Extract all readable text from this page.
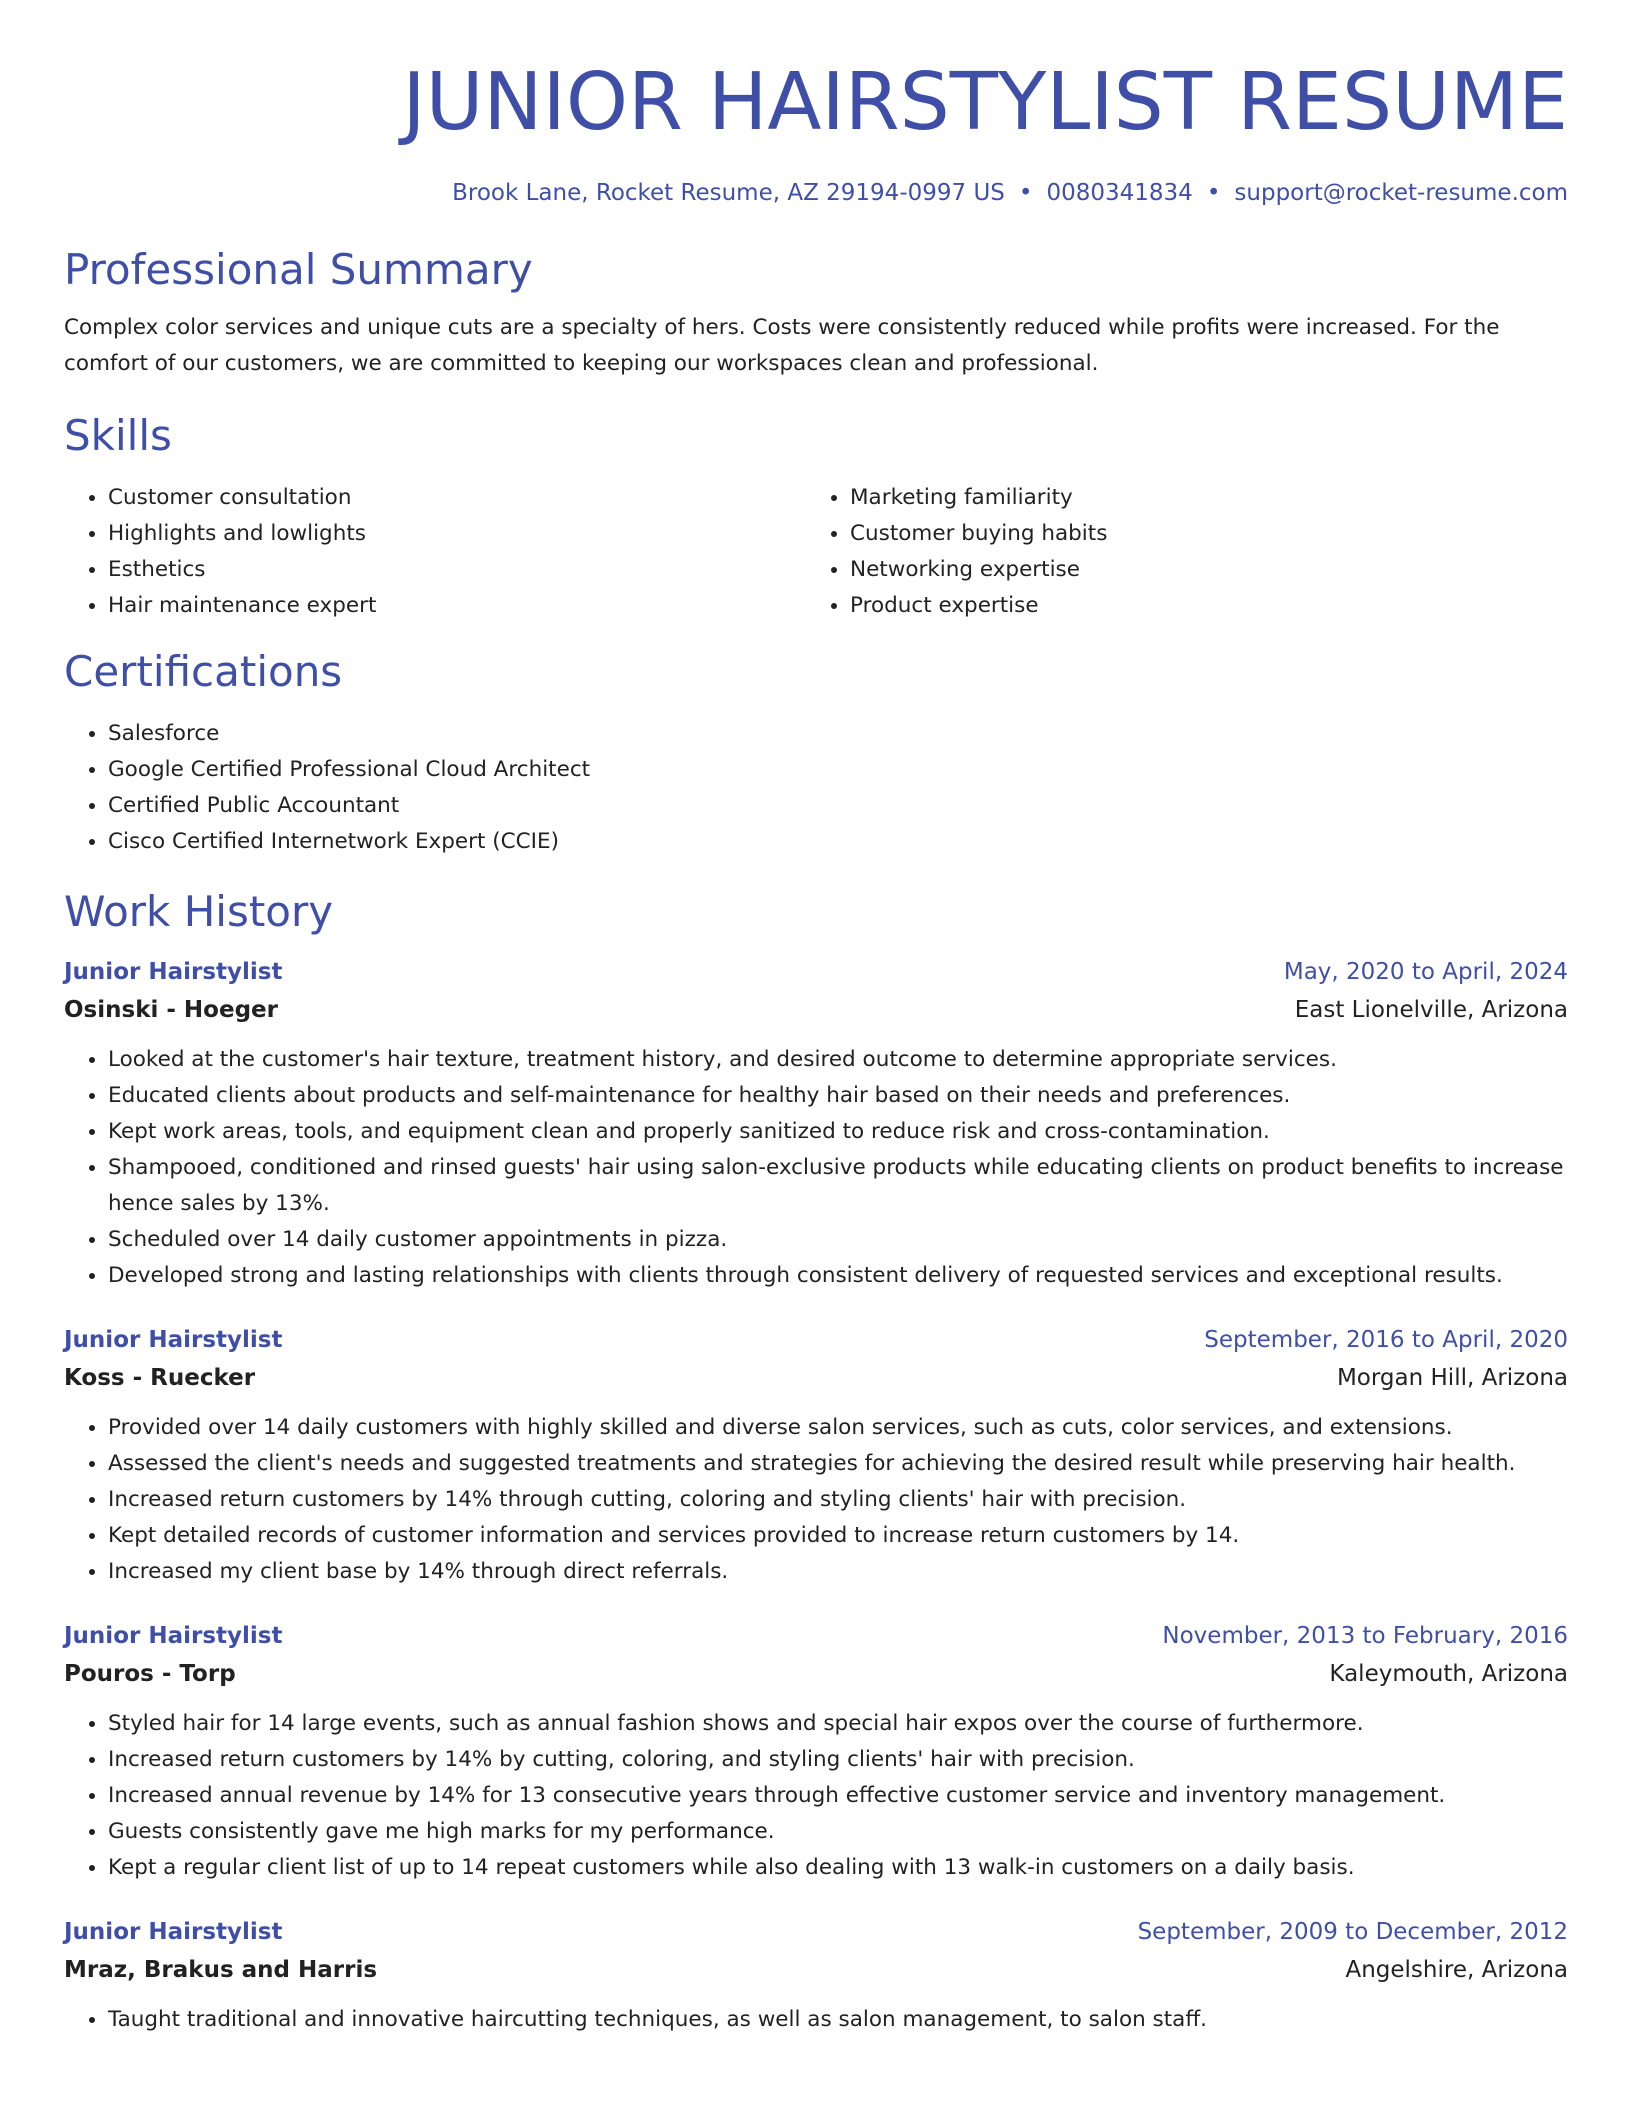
JUNIOR HAIRSTYLIST RESUME
Brook Lane, Rocket Resume, AZ 29194-0997 US • 0080341834 • support@rocket-resume.com
Professional Summary

Complex color services and unique cuts are a specialty of hers. Costs were consistently reduced while profits were increased. For the comfort of our customers, we are committed to keeping our workspaces clean and professional.

Skills
• Customer consultation
• Highlights and lowlights
• Esthetics
• Hair maintenance expert
• Marketing familiarity
• Customer buying habits
• Networking expertise
• Product expertise
Certifications
• Salesforce
• Google Certified Professional Cloud Architect
• Certified Public Accountant
• Cisco Certified Internetwork Expert (CCIE)
Work History
Junior Hairstylist	May, 2020 to April, 2024
Osinski - Hoeger	East Lionelville, Arizona
• Looked at the customer's hair texture, treatment history, and desired outcome to determine appropriate services.
• Educated clients about products and self-maintenance for healthy hair based on their needs and preferences.
• Kept work areas, tools, and equipment clean and properly sanitized to reduce risk and cross-contamination.
• Shampooed, conditioned and rinsed guests' hair using salon-exclusive products while educating clients on product benefits to increase hence sales by 13%.
• Scheduled over 14 daily customer appointments in pizza.
• Developed strong and lasting relationships with clients through consistent delivery of requested services and exceptional results.
Junior Hairstylist	September, 2016 to April, 2020
Koss - Ruecker	Morgan Hill, Arizona
• Provided over 14 daily customers with highly skilled and diverse salon services, such as cuts, color services, and extensions.
• Assessed the client's needs and suggested treatments and strategies for achieving the desired result while preserving hair health.
• Increased return customers by 14% through cutting, coloring and styling clients' hair with precision.
• Kept detailed records of customer information and services provided to increase return customers by 14.
• Increased my client base by 14% through direct referrals.
Junior Hairstylist	November, 2013 to February, 2016
Pouros - Torp	Kaleymouth, Arizona
• Styled hair for 14 large events, such as annual fashion shows and special hair expos over the course of furthermore.
• Increased return customers by 14% by cutting, coloring, and styling clients' hair with precision.
• Increased annual revenue by 14% for 13 consecutive years through effective customer service and inventory management.
• Guests consistently gave me high marks for my performance.
• Kept a regular client list of up to 14 repeat customers while also dealing with 13 walk-in customers on a daily basis.
Junior Hairstylist	September, 2009 to December, 2012
Mraz, Brakus and Harris	Angelshire, Arizona
• Taught traditional and innovative haircutting techniques, as well as salon management, to salon staff.
